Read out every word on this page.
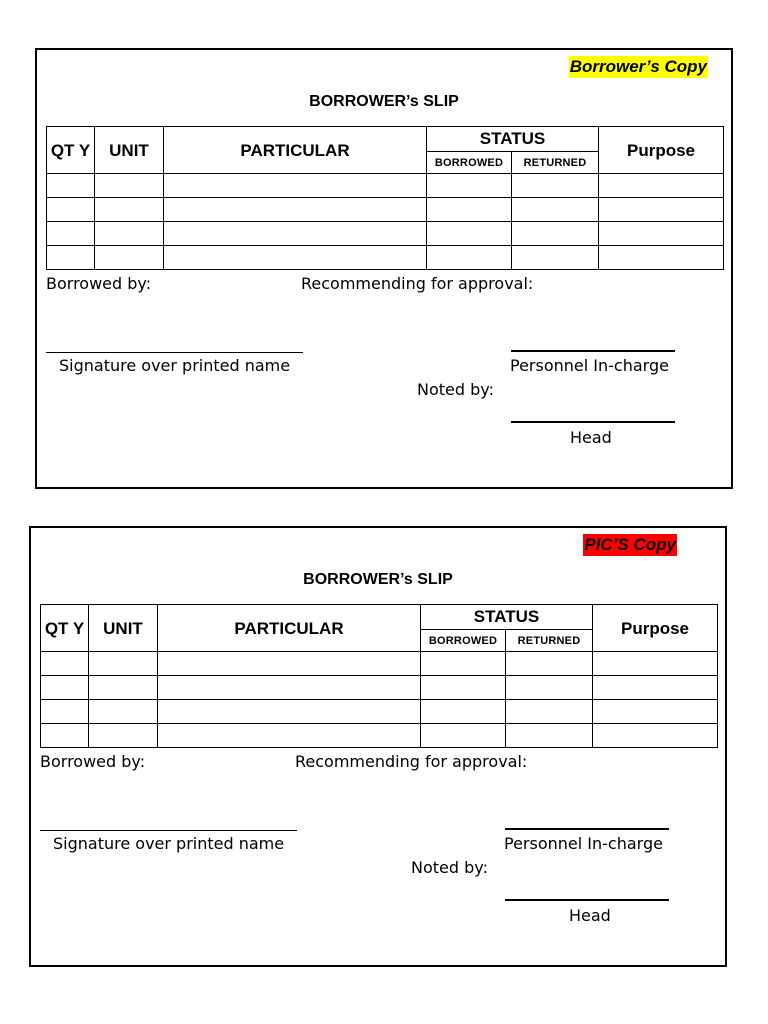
Borrower’s Copy
BORROWER’s SLIP
QT Y	UNIT	PARTICULAR	STATUS		Purpose
			BORROWED	RETURNED	

Borrowed by:	Recommending for approval:
Signature over printed name	Personnel In-charge
Noted by:
Head
PIC’S Copy
BORROWER’s SLIP
QT Y	UNIT	PARTICULAR	STATUS		Purpose
			BORROWED	RETURNED	

Borrowed by:	Recommending for approval:
Signature over printed name	Personnel In-charge
Noted by:
Head
